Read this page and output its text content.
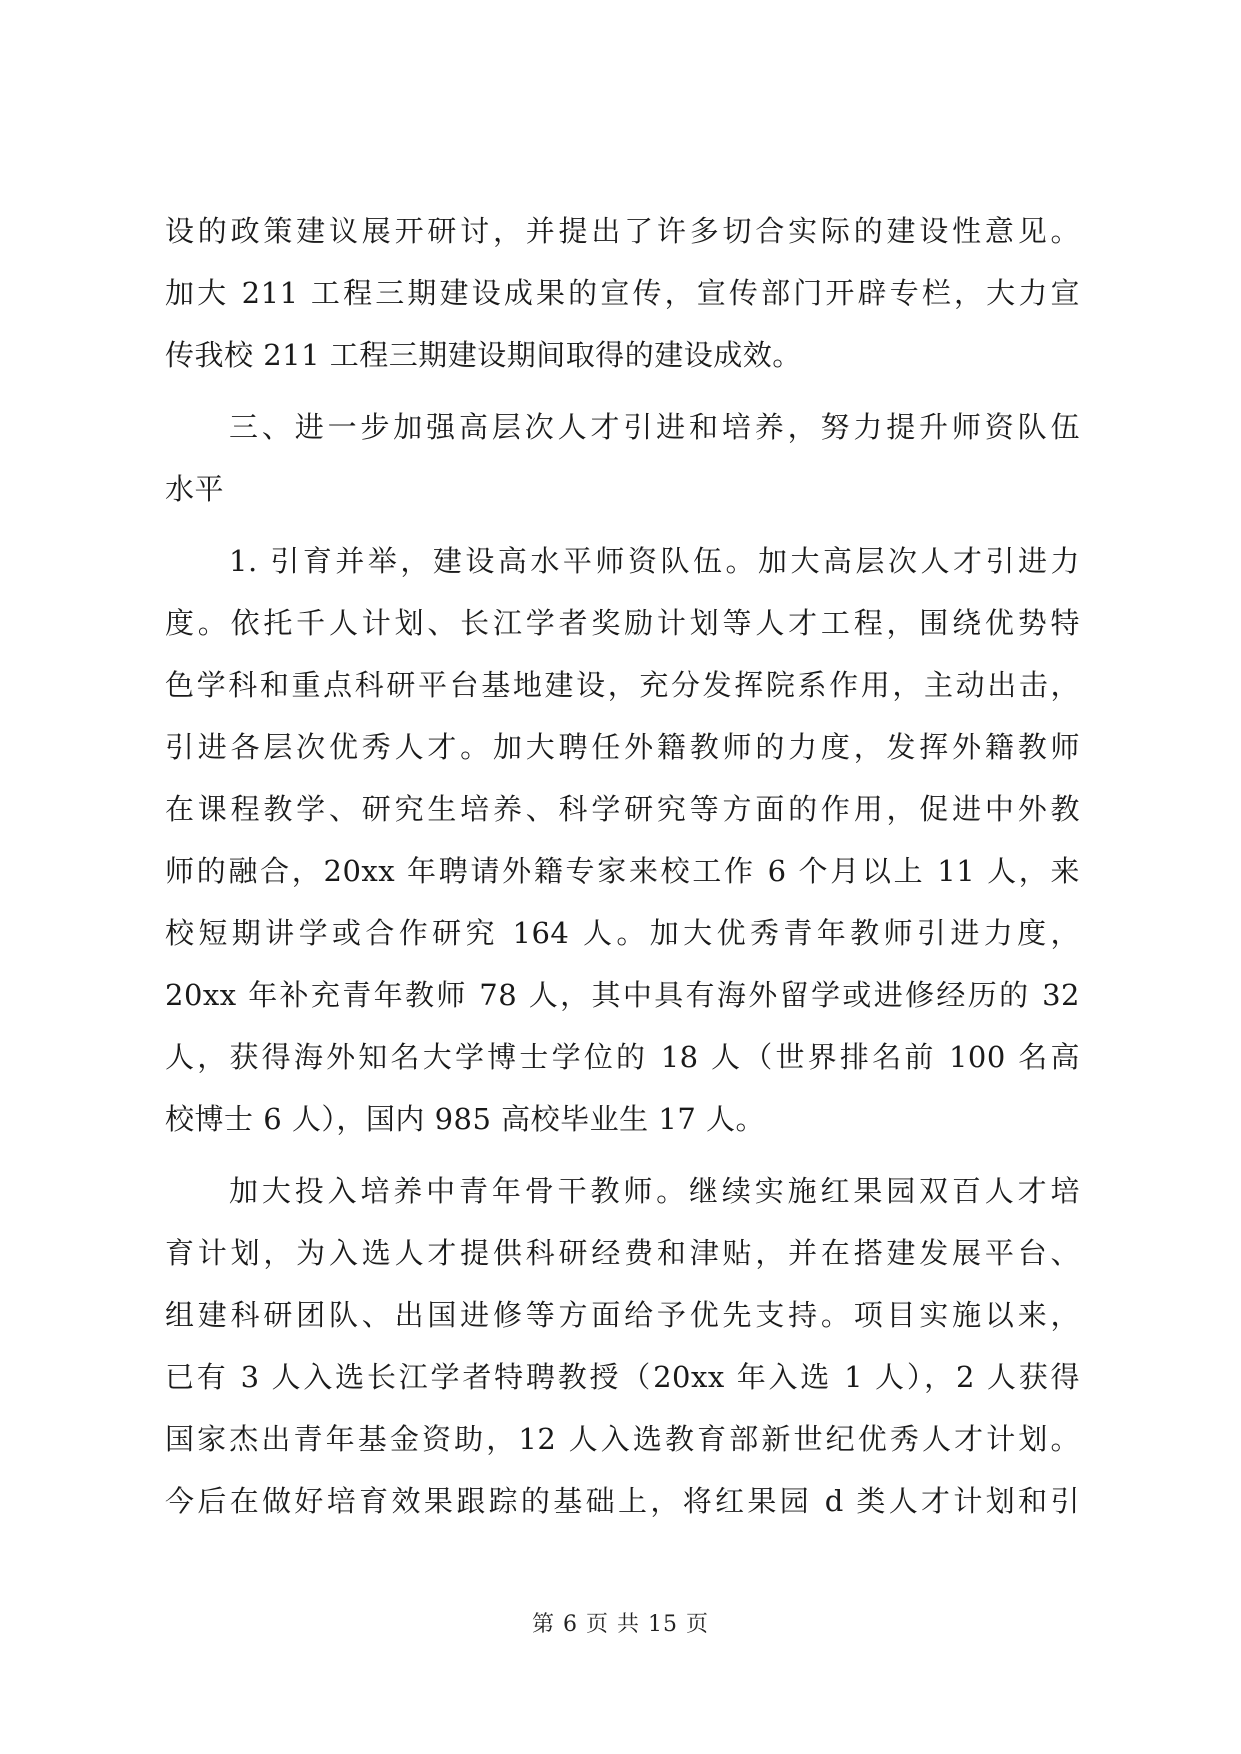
设的政策建议展开研讨，并提出了许多切合实际的建设性意见。
加大 211 工程三期建设成果的宣传，宣传部门开辟专栏，大力宣
传我校 211 工程三期建设期间取得的建设成效。
三、进一步加强高层次人才引进和培养，努力提升师资队伍
水平
1. 引育并举，建设高水平师资队伍。加大高层次人才引进力
度。依托千人计划、长江学者奖励计划等人才工程，围绕优势特
色学科和重点科研平台基地建设，充分发挥院系作用，主动出击，
引进各层次优秀人才。加大聘任外籍教师的力度，发挥外籍教师
在课程教学、研究生培养、科学研究等方面的作用，促进中外教
师的融合，20xx 年聘请外籍专家来校工作 6 个月以上 11 人，来
校短期讲学或合作研究 164 人。加大优秀青年教师引进力度，
20xx 年补充青年教师 78 人，其中具有海外留学或进修经历的 32
人，获得海外知名大学博士学位的 18 人（世界排名前 100 名高
校博士 6 人），国内 985 高校毕业生 17 人。
加大投入培养中青年骨干教师。继续实施红果园双百人才培
育计划，为入选人才提供科研经费和津贴，并在搭建发展平台、
组建科研团队、出国进修等方面给予优先支持。项目实施以来，
已有 3 人入选长江学者特聘教授（20xx 年入选 1 人），2 人获得
国家杰出青年基金资助，12 人入选教育部新世纪优秀人才计划。
今后在做好培育效果跟踪的基础上，将红果园 d 类人才计划和引
第 6 页 共 15 页
